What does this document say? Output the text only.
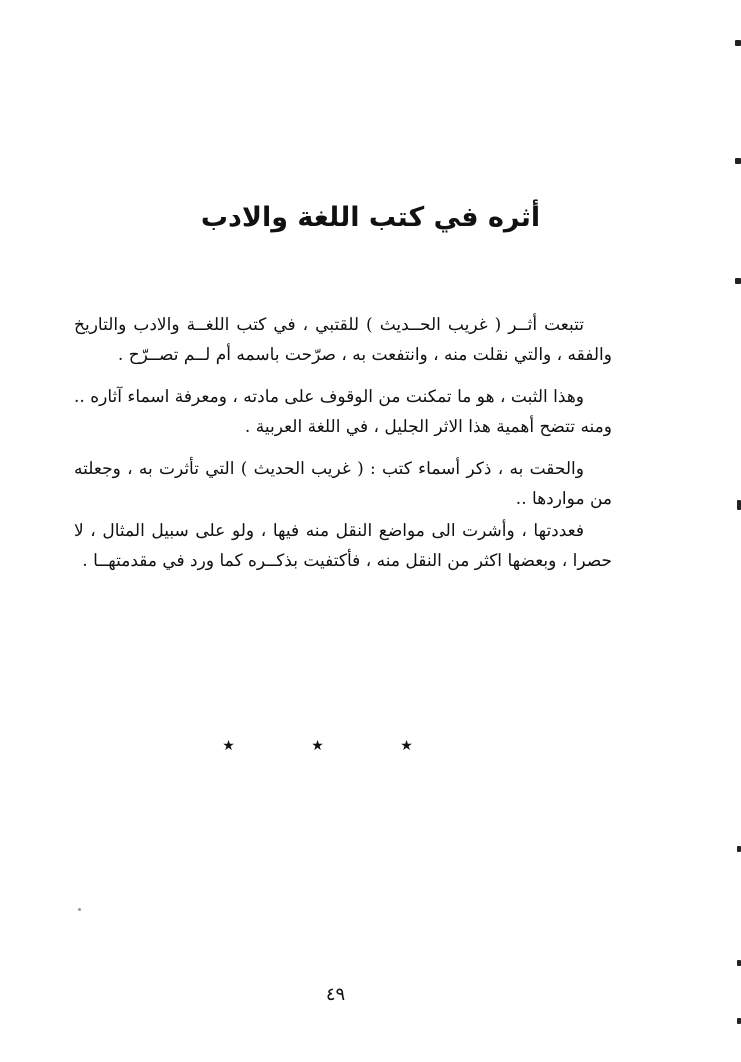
أثره في كتب اللغة والادب

تتبعت أثــر ( غريب الحــديث ) للقتبي ، في كتب اللغــة والادب والتاريخ والفقه ، والتي نقلت منه ، وانتفعت به ، صرّحت باسمه أم لــم تصــرّح .

وهذا الثبت ، هو ما تمكنت من الوقوف على مادته ، ومعرفة اسماء آثاره .. ومنه تتضح أهمية هذا الاثر الجليل ، في اللغة العربية .

والحقت به ، ذكر أسماء كتب : ( غريب الحديث ) التي تأثرت به ، وجعلته من مواردها ..

فعددتها ، وأشرت الى مواضع النقل منه فيها ، ولو على سبيل المثال ، لا حصرا ، وبعضها اكثر من النقل منه ، فأكتفيت بذكــره كما ورد في مقدمتهــا .

★ ★ ★
٤٩
